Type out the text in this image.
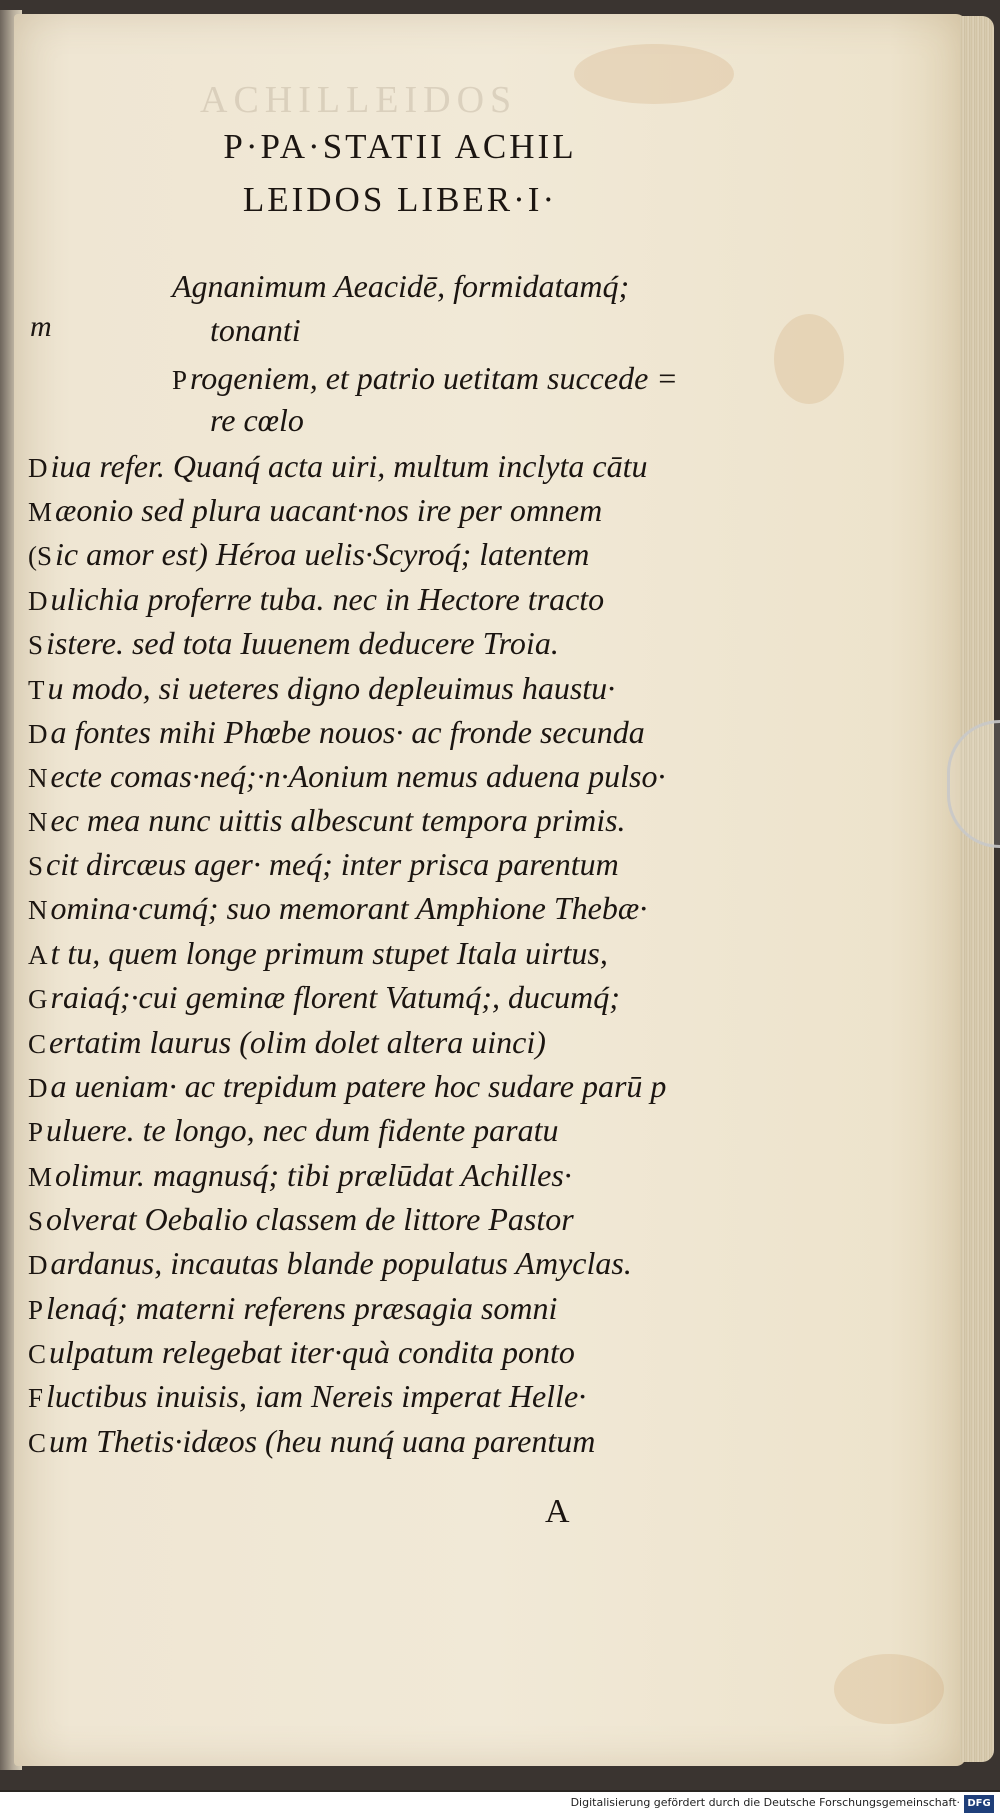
ACHILLEIDOS
P·PA·STATII ACHIL
LEIDOS LIBER·I·
m
Agnanimum Aeacidē, formidatamq́;
tonanti
Progeniem, et patrio uetitam succede =
re cœlo
Diua refer. Quanq́ acta uiri, multum inclyta cātu
Mæonio sed plura uacant·nos ire per omnem
(Sic amor est) Héroa uelis·Scyroq́; latentem
Dulichia proferre tuba. nec in Hectore tracto
Sistere. sed tota Iuuenem deducere Troia.
Tu modo, si ueteres digno depleuimus haustu·
Da fontes mihi Phœbe nouos· ac fronde secunda
Necte comas·neq́;·n·Aonium nemus aduena pulso·
Nec mea nunc uittis albescunt tempora primis.
Scit dircæus ager· meq́; inter prisca parentum
Nomina·cumq́; suo memorant Amphione Thebæ·
At tu, quem longe primum stupet Itala uirtus,
Graiaq́;·cui geminæ florent Vatumq́;, ducumq́;
Certatim laurus (olim dolet altera uinci)
Da ueniam· ac trepidum patere hoc sudare parū p
Puluere. te longo, nec dum fidente paratu
Molimur. magnusq́; tibi prælūdat Achilles·
Solverat Oebalio classem de littore Pastor
Dardanus, incautas blande populatus Amyclas.
Plenaq́; materni referens præsagia somni
Culpatum relegebat iter·quà condita ponto
Fluctibus inuisis, iam Nereis imperat Helle·
Cum Thetis·idæos (heu nunq́ uana parentum
A
Digitalisierung gefördert durch die Deutsche Forschungsgemeinschaft· DFG
